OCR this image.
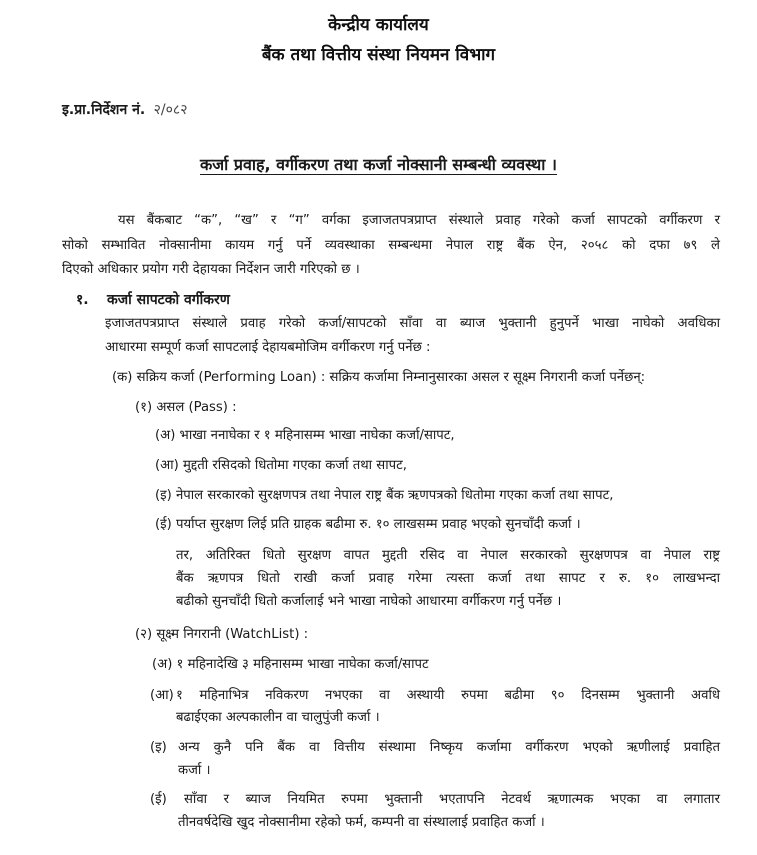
केन्द्रीय कार्यालय
बैंक तथा वित्तीय संस्था नियमन विभाग
इ.प्रा.निर्देशन नं. २/०८२
कर्जा प्रवाह, वर्गीकरण तथा कर्जा नोक्सानी सम्बन्धी व्यवस्था ।
यस बैंकबाट “क”, “ख” र “ग” वर्गका इजाजतपत्रप्राप्त संस्थाले प्रवाह गरेको कर्जा सापटको वर्गीकरण र
सोको सम्भावित नोक्सानीमा कायम गर्नु पर्ने व्यवस्थाका सम्बन्धमा नेपाल राष्ट्र बैंक ऐन, २०५८ को दफा ७९ ले
दिएको अधिकार प्रयोग गरी देहायका निर्देशन जारी गरिएको छ ।
१. कर्जा सापटको वर्गीकरण
इजाजतपत्रप्राप्त संस्थाले प्रवाह गरेको कर्जा/सापटको साँवा वा ब्याज भुक्तानी हुनुपर्ने भाखा नाघेको अवधिका
आधारमा सम्पूर्ण कर्जा सापटलाई देहायबमोजिम वर्गीकरण गर्नु पर्नेछ :
(क) सक्रिय कर्जा (Performing Loan) : सक्रिय कर्जामा निम्नानुसारका असल र सूक्ष्म निगरानी कर्जा पर्नेछन्:
(१) असल (Pass) :
(अ) भाखा ननाघेका र १ महिनासम्म भाखा नाघेका कर्जा/सापट,
(आ) मुद्दती रसिदको धितोमा गएका कर्जा तथा सापट,
(इ) नेपाल सरकारको सुरक्षणपत्र तथा नेपाल राष्ट्र बैंक ऋणपत्रको धितोमा गएका कर्जा तथा सापट,
(ई) पर्याप्त सुरक्षण लिई प्रति ग्राहक बढीमा रु. १० लाखसम्म प्रवाह भएको सुनचाँदी कर्जा ।
तर, अतिरिक्त धितो सुरक्षण वापत मुद्दती रसिद वा नेपाल सरकारको सुरक्षणपत्र वा नेपाल राष्ट्र
बैंक ऋणपत्र धितो राखी कर्जा प्रवाह गरेमा त्यस्ता कर्जा तथा सापट र रु. १० लाखभन्दा
बढीको सुनचाँदी धितो कर्जालाई भने भाखा नाघेको आधारमा वर्गीकरण गर्नु पर्नेछ ।
(२) सूक्ष्म निगरानी (WatchList) :
(अ) १ महिनादेखि ३ महिनासम्म भाखा नाघेका कर्जा/सापट
(आ) १ महिनाभित्र नविकरण नभएका वा अस्थायी रुपमा बढीमा ९० दिनसम्म भुक्तानी अवधि
बढाईएका अल्पकालीन वा चालुपुंजी कर्जा ।
(इ) अन्य कुनै पनि बैंक वा वित्तीय संस्थामा निष्कृय कर्जामा वर्गीकरण भएको ऋणीलाई प्रवाहित
कर्जा ।
(ई) साँवा र ब्याज नियमित रुपमा भुक्तानी भएतापनि नेटवर्थ ऋणात्मक भएका वा लगातार
तीनवर्षदेखि खुद नोक्सानीमा रहेको फर्म, कम्पनी वा संस्थालाई प्रवाहित कर्जा ।
